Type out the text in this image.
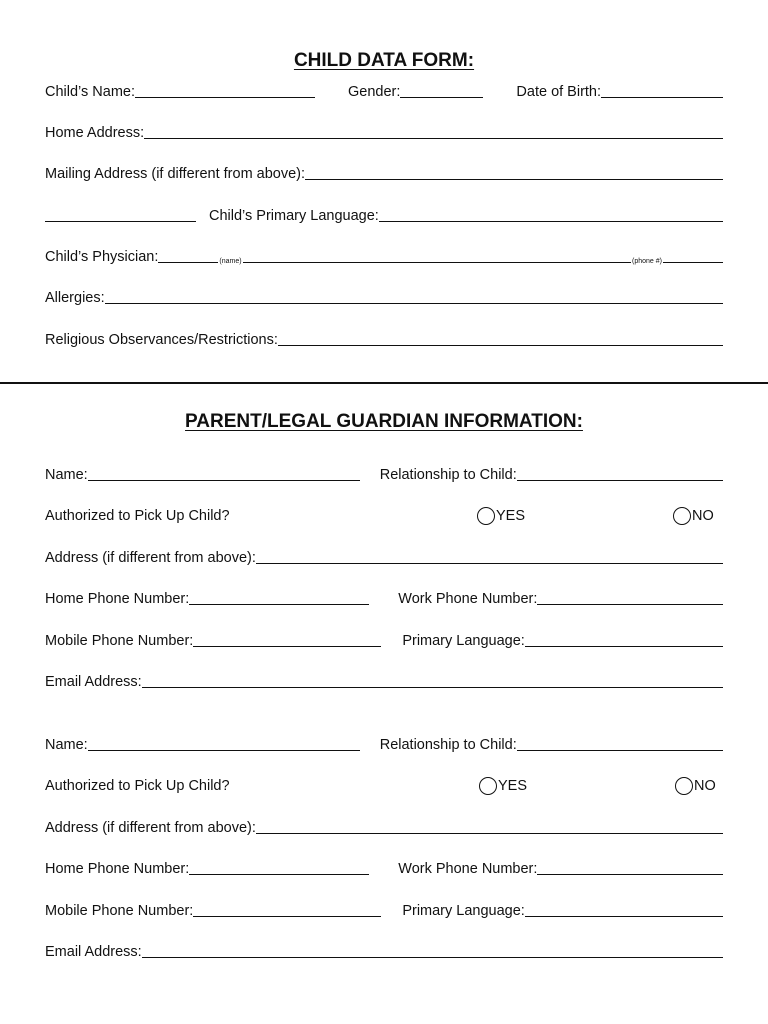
CHILD DATA FORM:
Child’s Name:	Gender:	Date of Birth:
Home Address:
Mailing Address (if different from above):
Child’s Primary Language:
Child’s Physician:	(name)	(phone #)
Allergies:
Religious Observances/Restrictions:
PARENT/LEGAL GUARDIAN INFORMATION:
Name:	Relationship to Child:
Authorized to Pick Up Child?	YES	NO
Address (if different from above):
Home Phone Number:	Work Phone Number:
Mobile Phone Number:	Primary Language:
Email Address:
Name:	Relationship to Child:
Authorized to Pick Up Child?	YES	NO
Address (if different from above):
Home Phone Number:	Work Phone Number:
Mobile Phone Number:	Primary Language:
Email Address:
